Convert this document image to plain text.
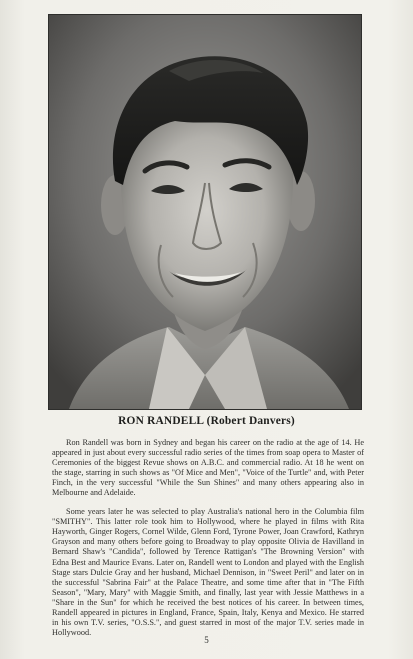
RON RANDELL (Robert Danvers)

Ron Randell was born in Sydney and began his career on the radio at the age of 14. He appeared in just about every successful radio series of the times from soap opera to Master of Ceremonies of the biggest Revue shows on A.B.C. and commercial radio. At 18 he went on the stage, starring in such shows as "Of Mice and Men", "Voice of the Turtle" and, with Peter Finch, in the very successful "While the Sun Shines" and many others appearing also in Melbourne and Adelaide.

Some years later he was selected to play Australia's national hero in the Columbia film "SMITHY". This latter role took him to Hollywood, where he played in films with Rita Hayworth, Ginger Rogers, Cornel Wilde, Glenn Ford, Tyrone Power, Joan Crawford, Kathryn Grayson and many others before going to Broadway to play opposite Olivia de Havilland in Bernard Shaw's "Candida", followed by Terence Rattigan's "The Browning Version" with Edna Best and Maurice Evans. Later on, Randell went to London and played with the English Stage stars Dulcie Gray and her husband, Michael Dennison, in "Sweet Peril" and later on in the successful "Sabrina Fair" at the Palace Theatre, and some time after that in "The Fifth Season", "Mary, Mary" with Maggie Smith, and finally, last year with Jessie Matthews in a "Share in the Sun" for which he received the best notices of his career. In between times, Randell appeared in pictures in England, France, Spain, Italy, Kenya and Mexico. He starred in his own T.V. series, "O.S.S.", and guest starred in most of the major T.V. series made in Hollywood.

5
